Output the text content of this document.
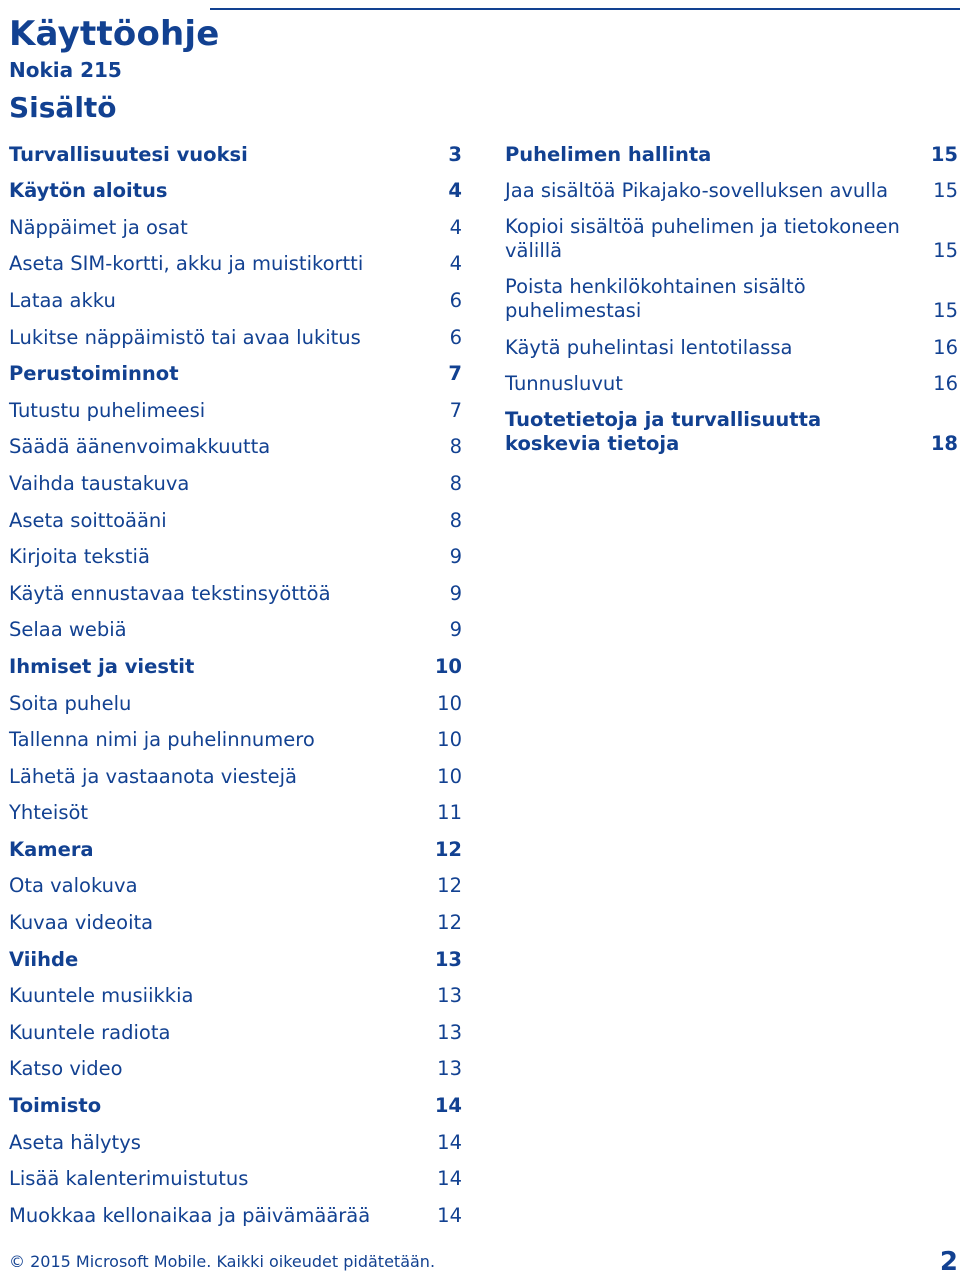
Käyttöohje
Nokia 215
Sisältö
Turvallisuutesi vuoksi	3
Käytön aloitus	4
Näppäimet ja osat	4
Aseta SIM-kortti, akku ja muistikortti	4
Lataa akku	6
Lukitse näppäimistö tai avaa lukitus	6
Perustoiminnot	7
Tutustu puhelimeesi	7
Säädä äänenvoimakkuutta	8
Vaihda taustakuva	8
Aseta soittoääni	8
Kirjoita tekstiä	9
Käytä ennustavaa tekstinsyöttöä	9
Selaa webiä	9
Ihmiset ja viestit	10
Soita puhelu	10
Tallenna nimi ja puhelinnumero	10
Lähetä ja vastaanota viestejä	10
Yhteisöt	11
Kamera	12
Ota valokuva	12
Kuvaa videoita	12
Viihde	13
Kuuntele musiikkia	13
Kuuntele radiota	13
Katso video	13
Toimisto	14
Aseta hälytys	14
Lisää kalenterimuistutus	14
Muokkaa kellonaikaa ja päivämäärää	14
Puhelimen hallinta	15
Jaa sisältöä Pikajako-sovelluksen avulla	15
Kopioi sisältöä puhelimen ja tietokoneen välillä	15
Poista henkilökohtainen sisältö puhelimestasi	15
Käytä puhelintasi lentotilassa	16
Tunnusluvut	16
Tuotetietoja ja turvallisuutta koskevia tietoja	18
© 2015 Microsoft Mobile. Kaikki oikeudet pidätetään.	2
